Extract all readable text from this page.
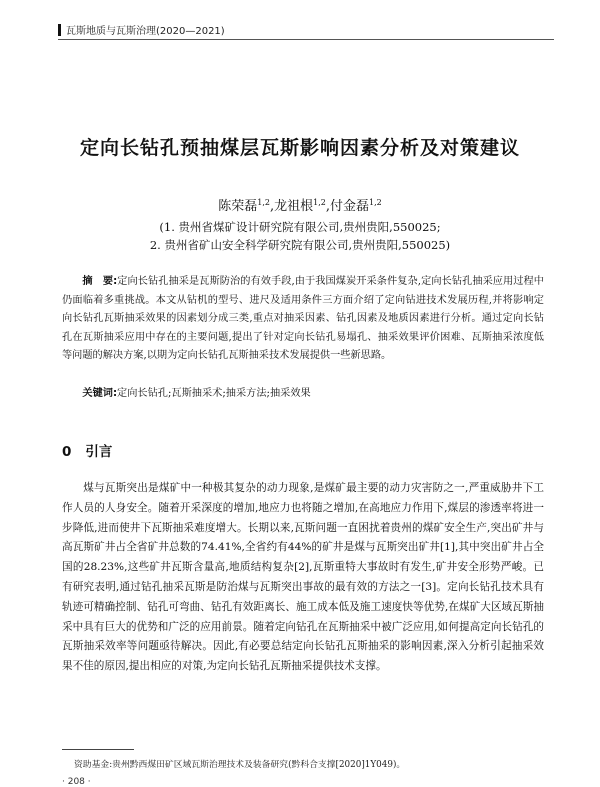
瓦斯地质与瓦斯治理(2020—2021)
定向长钻孔预抽煤层瓦斯影响因素分析及对策建议
陈荣磊$^{1,2}$,龙祖根$^{1,2}$,付金磊$^{1,2}$
(1. 贵州省煤矿设计研究院有限公司,贵州贵阳,550025;
2. 贵州省矿山安全科学研究院有限公司,贵州贵阳,550025)
摘　要:定向长钻孔抽采是瓦斯防治的有效手段,由于我国煤炭开采条件复杂,定向长钻孔抽采应用过程中仍面临着多重挑战。本文从钻机的型号、进尺及适用条件三方面介绍了定向钻进技术发展历程,并将影响定向长钻孔瓦斯抽采效果的因素划分成三类,重点对抽采因素、钻孔因素及地质因素进行分析。通过定向长钻孔在瓦斯抽采应用中存在的主要问题,提出了针对定向长钻孔易塌孔、抽采效果评价困难、瓦斯抽采浓度低等问题的解决方案,以期为定向长钻孔瓦斯抽采技术发展提供一些新思路。
关键词:定向长钻孔;瓦斯抽采术;抽采方法;抽采效果
0 引言
煤与瓦斯突出是煤矿中一种极其复杂的动力现象,是煤矿最主要的动力灾害防之一,严重威胁井下工作人员的人身安全。随着开采深度的增加,地应力也将随之增加,在高地应力作用下,煤层的渗透率将进一步降低,进而使井下瓦斯抽采难度增大。长期以来,瓦斯问题一直困扰着贵州的煤矿安全生产,突出矿井与高瓦斯矿井占全省矿井总数的74.41%,全省约有44%的矿井是煤与瓦斯突出矿井[1],其中突出矿井占全国的28.23%,这些矿井瓦斯含量高,地质结构复杂[2],瓦斯重特大事故时有发生,矿井安全形势严峻。已有研究表明,通过钻孔抽采瓦斯是防治煤与瓦斯突出事故的最有效的方法之一[3]。定向长钻孔技术具有轨迹可精确控制、钻孔可弯曲、钻孔有效距离长、施工成本低及施工速度快等优势,在煤矿大区域瓦斯抽采中具有巨大的优势和广泛的应用前景。随着定向钻孔在瓦斯抽采中被广泛应用,如何提高定向长钻孔的瓦斯抽采效率等问题亟待解决。因此,有必要总结定向长钻孔瓦斯抽采的影响因素,深入分析引起抽采效果不佳的原因,提出相应的对策,为定向长钻孔瓦斯抽采提供技术支撑。
资助基金:贵州黔西煤田矿区域瓦斯治理技术及装备研究(黔科合支撑[2020]1Y049)。
· 208 ·
